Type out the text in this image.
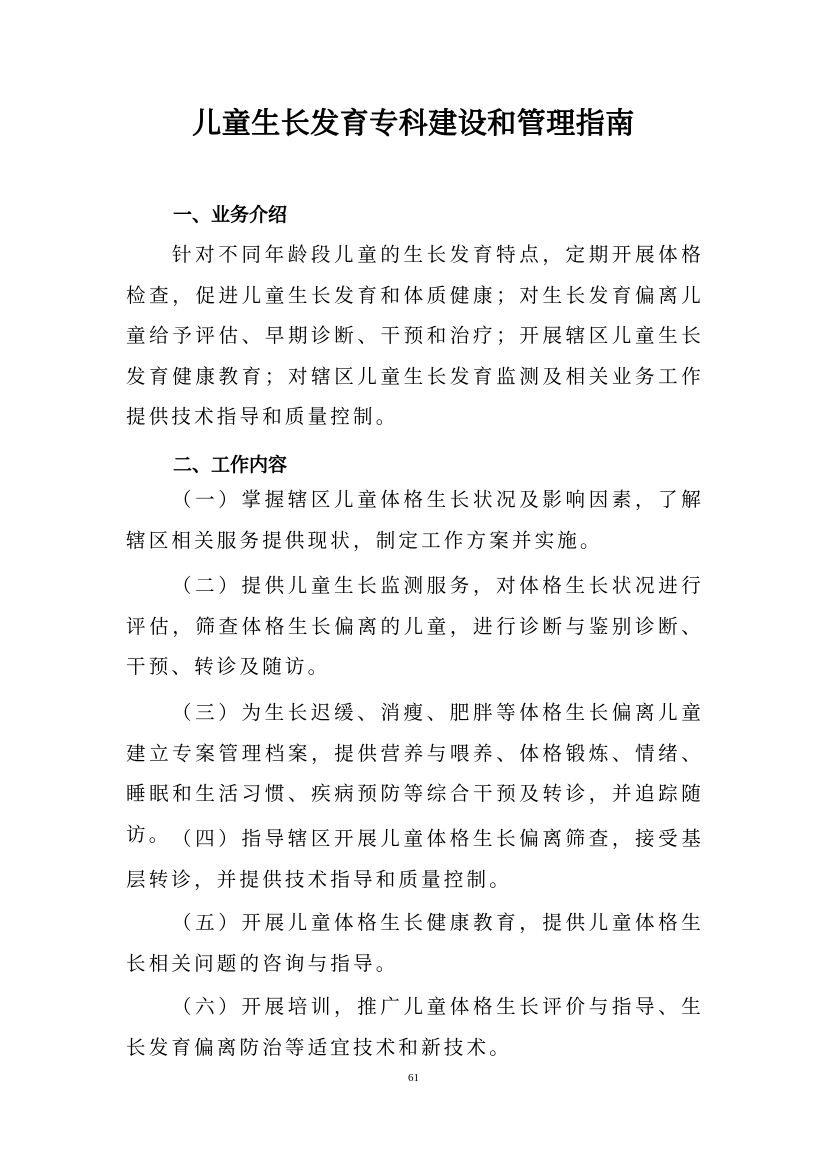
儿童生长发育专科建设和管理指南
一、业务介绍
针对不同年龄段儿童的生长发育特点，定期开展体格检查，促进儿童生长发育和体质健康；对生长发育偏离儿童给予评估、早期诊断、干预和治疗；开展辖区儿童生长发育健康教育；对辖区儿童生长发育监测及相关业务工作提供技术指导和质量控制。
二、工作内容
（一）掌握辖区儿童体格生长状况及影响因素，了解辖区相关服务提供现状，制定工作方案并实施。
（二）提供儿童生长监测服务，对体格生长状况进行评估，筛查体格生长偏离的儿童，进行诊断与鉴别诊断、干预、转诊及随访。
（三）为生长迟缓、消瘦、肥胖等体格生长偏离儿童建立专案管理档案，提供营养与喂养、体格锻炼、情绪、睡眠和生活习惯、疾病预防等综合干预及转诊，并追踪随访。 （四）指导辖区开展儿童体格生长偏离筛查，接受基层转诊，并提供技术指导和质量控制。
（五）开展儿童体格生长健康教育，提供儿童体格生长相关问题的咨询与指导。
（六）开展培训，推广儿童体格生长评价与指导、生长发育偏离防治等适宜技术和新技术。
61
